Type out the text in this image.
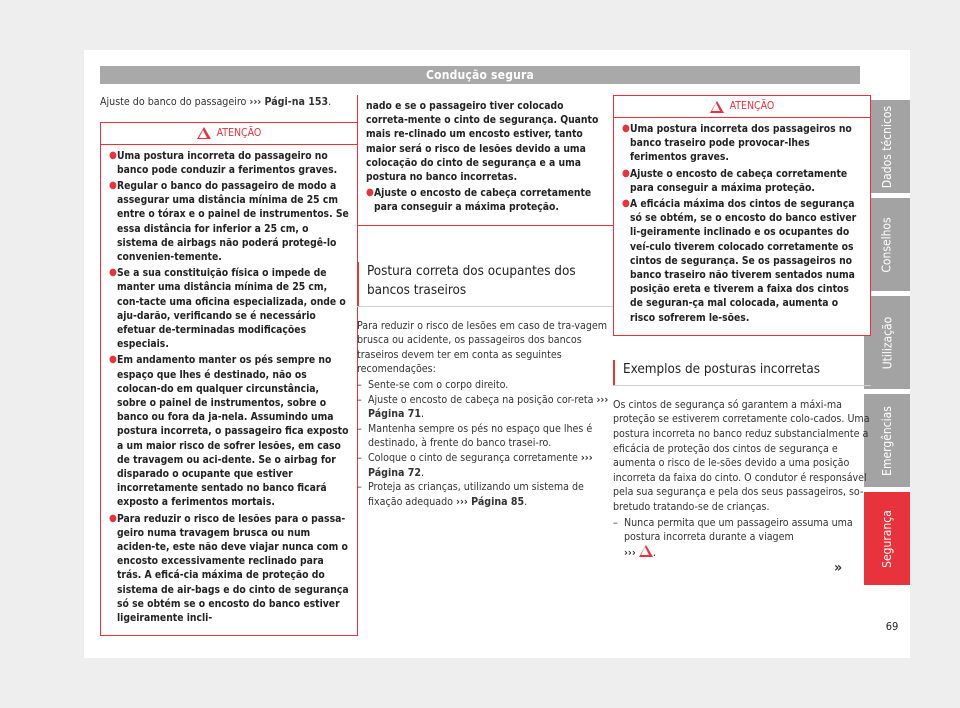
Condução segura
Dados técnicos
Conselhos
Utilização
Emergências
Segurança
69
Ajuste do banco do passageiro ››› Pági-na 153.
ATENÇÃO
● Uma postura incorreta do passageiro no banco pode conduzir a ferimentos graves.
● Regular o banco do passageiro de modo a assegurar uma distância mínima de 25 cm entre o tórax e o painel de instrumentos. Se essa distância for inferior a 25 cm, o sistema de airbags não poderá protegê-lo convenien-temente.
● Se a sua constituição física o impede de manter uma distância mínima de 25 cm, con-tacte uma oficina especializada, onde o aju-darão, verificando se é necessário efetuar de-terminadas modificações especiais.
● Em andamento manter os pés sempre no espaço que lhes é destinado, não os colocan-do em qualquer circunstância, sobre o painel de instrumentos, sobre o banco ou fora da ja-nela. Assumindo uma postura incorreta, o passageiro fica exposto a um maior risco de sofrer lesões, em caso de travagem ou aci-dente. Se o airbag for disparado o ocupante que estiver incorretamente sentado no banco ficará exposto a ferimentos mortais.
● Para reduzir o risco de lesões para o passa-geiro numa travagem brusca ou num aciden-te, este não deve viajar nunca com o encosto excessivamente reclinado para trás. A eficá-cia máxima de proteção do sistema de air-bags e do cinto de segurança só se obtém se o encosto do banco estiver ligeiramente incli-
nado e se o passageiro tiver colocado correta-mente o cinto de segurança. Quanto mais re-clinado um encosto estiver, tanto maior será o risco de lesões devido a uma colocação do cinto de segurança e a uma postura no banco incorretas.
● Ajuste o encosto de cabeça corretamente para conseguir a máxima proteção.
Postura correta dos ocupantes dos bancos traseiros
Para reduzir o risco de lesões em caso de tra-vagem brusca ou acidente, os passageiros dos bancos traseiros devem ter em conta as seguintes recomendações:
– Sente-se com o corpo direito.
– Ajuste o encosto de cabeça na posição cor-reta ››› Página 71.
– Mantenha sempre os pés no espaço que lhes é destinado, à frente do banco trasei-ro.
– Coloque o cinto de segurança corretamente ››› Página 72.
– Proteja as crianças, utilizando um sistema de fixação adequado ››› Página 85.
ATENÇÃO
● Uma postura incorreta dos passageiros no banco traseiro pode provocar-lhes ferimentos graves.
● Ajuste o encosto de cabeça corretamente para conseguir a máxima proteção.
● A eficácia máxima dos cintos de segurança só se obtém, se o encosto do banco estiver li-geiramente inclinado e os ocupantes do veí-culo tiverem colocado corretamente os cintos de segurança. Se os passageiros no banco traseiro não tiverem sentados numa posição ereta e tiverem a faixa dos cintos de seguran-ça mal colocada, aumenta o risco sofrerem le-sões.
Exemplos de posturas incorretas
Os cintos de segurança só garantem a máxi-ma proteção se estiverem corretamente colo-cados. Uma postura incorreta no banco reduz substancialmente a eficácia de proteção dos cintos de segurança e aumenta o risco de le-sões devido a uma posição incorreta da faixa do cinto. O condutor é responsável pela sua segurança e pela dos seus passageiros, so-bretudo tratando-se de crianças.
– Nunca permita que um passageiro assuma uma postura incorreta durante a viagem
››› .
»
